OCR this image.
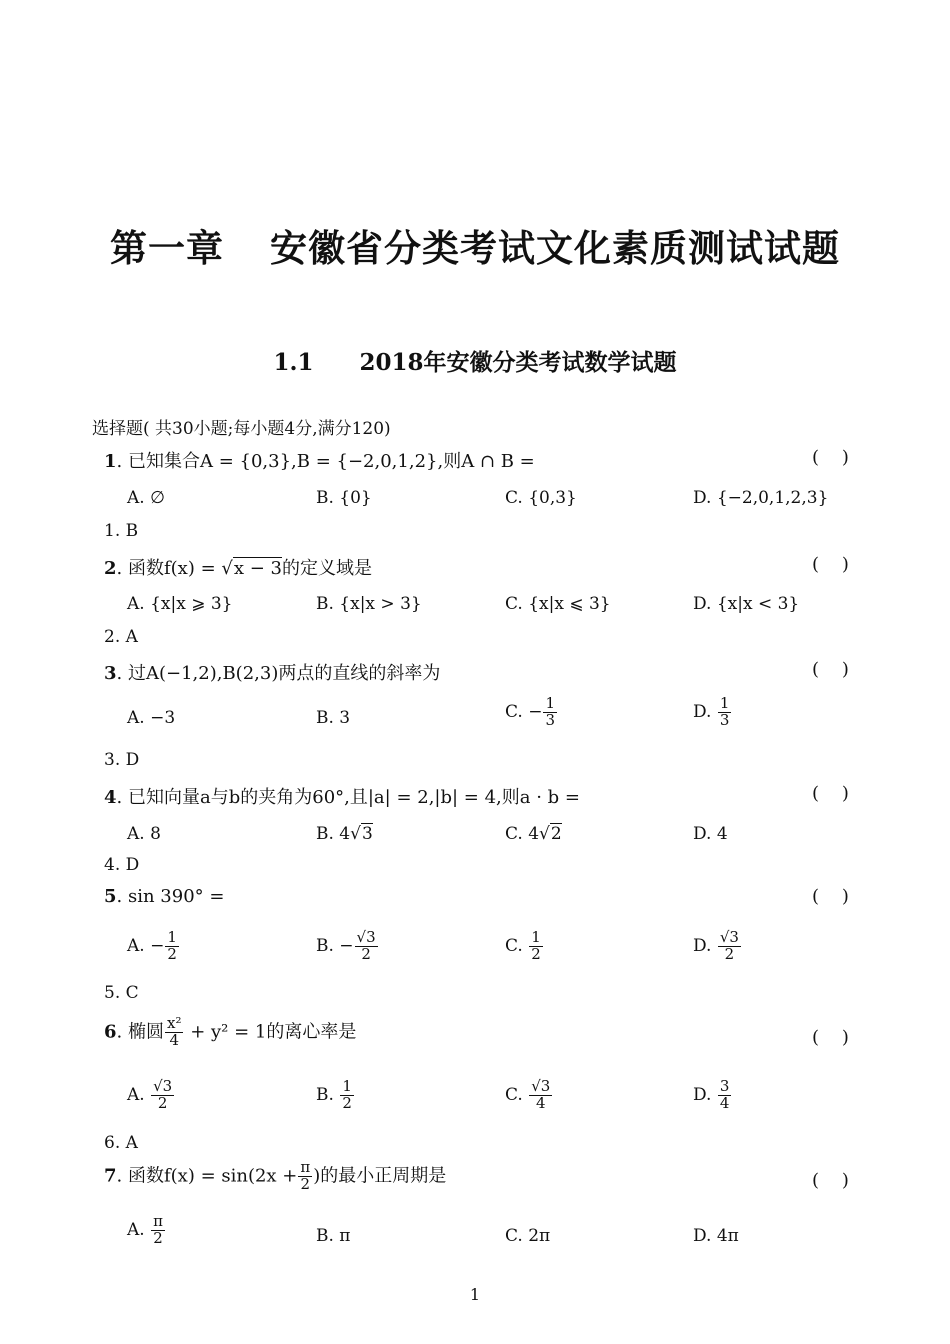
第一章 安徽省分类考试文化素质测试试题
1.1 2018年安徽分类考试数学试题
选择题( 共30小题;每小题4分,满分120)
1. 已知集合A = {0,3},B = {−2,0,1,2},则A ∩ B =	(    )
A. ∅	B. {0}	C. {0,3}	D. {−2,0,1,2,3}
1. B
2. 函数f(x) = √x − 3的定义域是	(    )
A. {x|x ⩾ 3}	B. {x|x > 3}	C. {x|x ⩽ 3}	D. {x|x < 3}
2. A
3. 过A(−1,2),B(2,3)两点的直线的斜率为	(    )
A. −3	B. 3	C. − $\frac{1}{3}$	D. $\frac{1}{3}$
3. D
4. 已知向量a与b的夹角为60°,且|a| = 2,|b| = 4,则a · b =	(    )
A. 8	B. 4√3	C. 4√2	D. 4
4. D
5. sin 390° =	(    )
A. − $\frac{1}{2}$	B. − $\frac{√3}{2}$	C. $\frac{1}{2}$	D. $\frac{√3}{2}$
5. C
6. 椭圆 $\frac{\text{x²}}{4} + y^2 = 1$的离心率是	(    )
A. $\frac{√3}{2}$	B. $\frac{1}{2}$	C. $\frac{√3}{4}$	D. $\frac{3}{4}$
6. A
7. 函数$f(x) = \sin(2x + \frac{\pi}{2}$ )的最小正周期是	(    )
A. $\frac{\pi}{2}$	B. π	C. 2π	D. 4π
1
